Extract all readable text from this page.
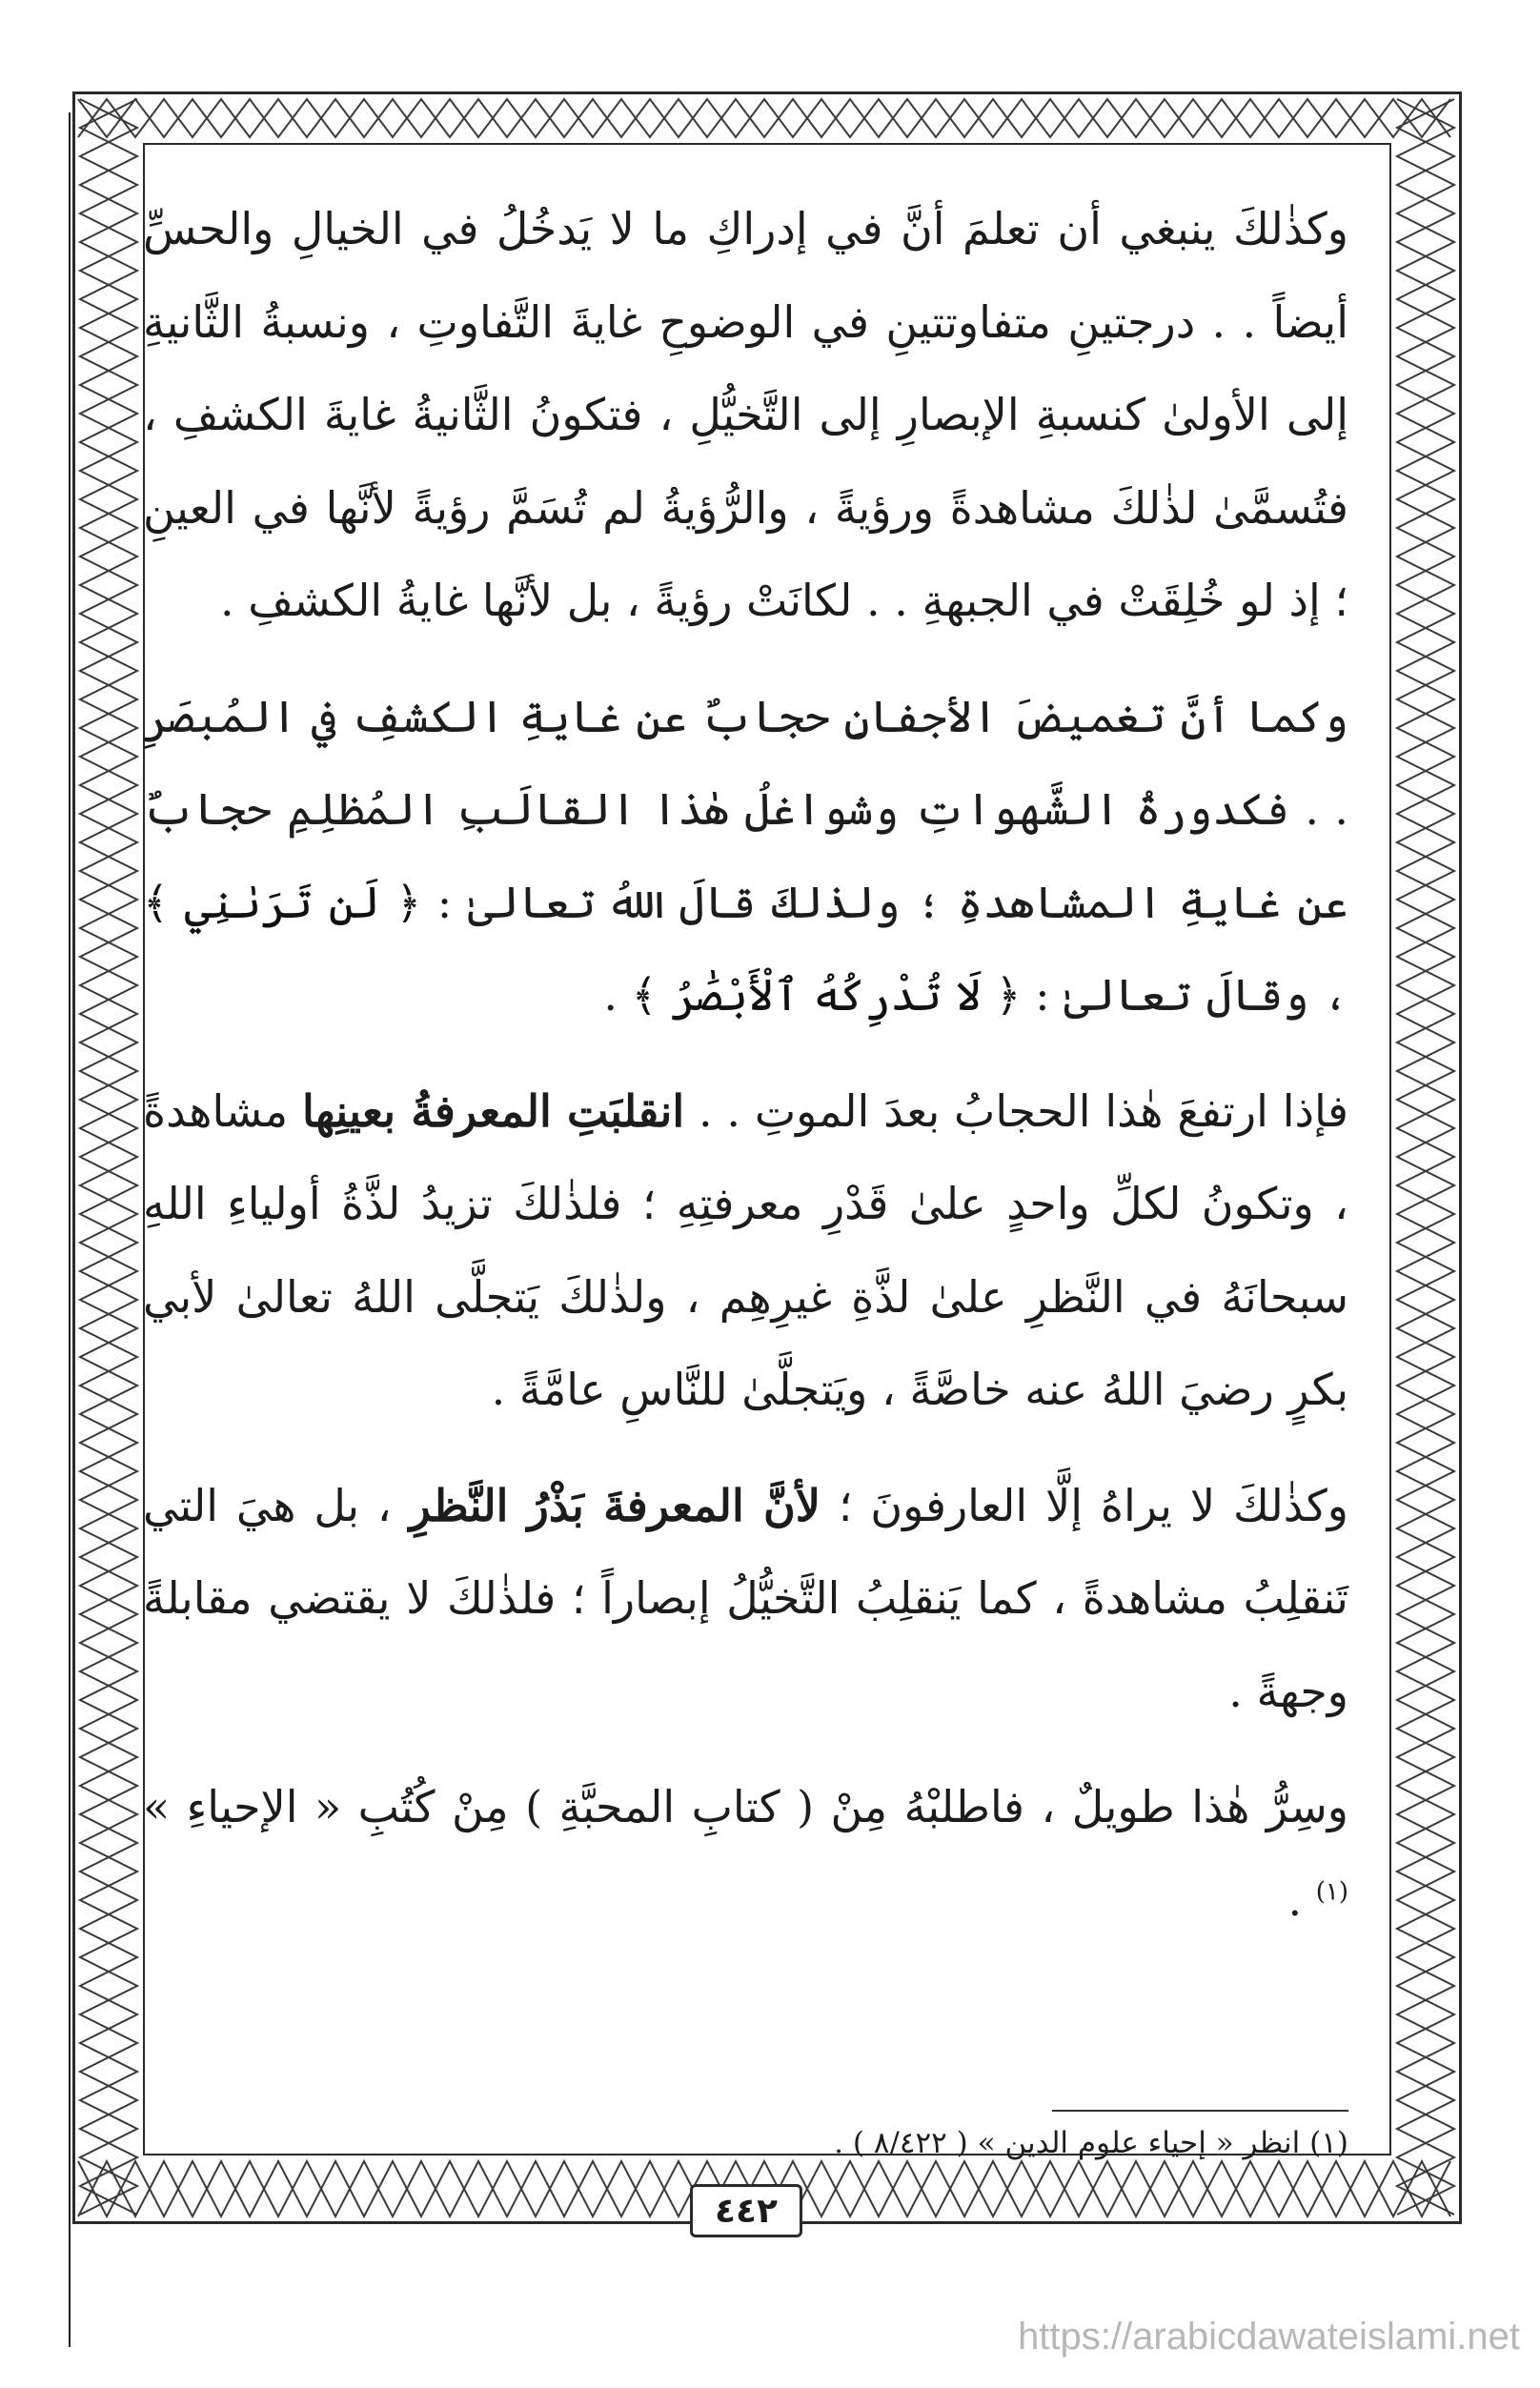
وكذٰلكَ ينبغي أن تعلمَ أنَّ في إدراكِ ما لا يَدخُلُ في الخيالِ والحسِّ أيضاً . . درجتينِ متفاوتتينِ في الوضوحِ غايةَ التَّفاوتِ ، ونسبةُ الثَّانيةِ إلى الأولىٰ كنسبةِ الإبصارِ إلى التَّخيُّلِ ، فتكونُ الثَّانيةُ غايةَ الكشفِ ، فتُسمَّىٰ لذٰلكَ مشاهدةً ورؤيةً ، والرُّؤيةُ لم تُسَمَّ رؤيةً لأنَّها في العينِ ؛ إذ لو خُلِقَتْ في الجبهةِ . . لكانَتْ رؤيةً ، بل لأنَّها غايةُ الكشفِ .

وكما أنَّ تغميضَ الأجفانِ حجابٌ عن غايةِ الكشفِ في المُبصَرِ . . فكدورةُ الشَّهواتِ وشواغلُ هٰذا القالَبِ المُظلِمِ حجابٌ عن غايةِ المشاهدةِ ؛ ولذٰلكَ قالَ اللهُ تعالىٰ : ﴿ لَن تَرَىٰنِي ﴾ ، وقالَ تعالىٰ : ﴿ لَا تُدْرِكُهُ ٱلْأَبْصَٰرُ ﴾ .

فإذا ارتفعَ هٰذا الحجابُ بعدَ الموتِ . . انقلبَتِ المعرفةُ بعينِها مشاهدةً ، وتكونُ لكلِّ واحدٍ علىٰ قَدْرِ معرفتِهِ ؛ فلذٰلكَ تزيدُ لذَّةُ أولياءِ اللهِ سبحانَهُ في النَّظرِ علىٰ لذَّةِ غيرِهِم ، ولذٰلكَ يَتجلَّى اللهُ تعالىٰ لأبي بكرٍ رضيَ اللهُ عنه خاصَّةً ، ويَتجلَّىٰ للنَّاسِ عامَّةً .

وكذٰلكَ لا يراهُ إلَّا العارفونَ ؛ لأنَّ المعرفةَ بَذْرُ النَّظرِ ، بل هيَ التي تَنقلِبُ مشاهدةً ، كما يَنقلِبُ التَّخيُّلُ إبصاراً ؛ فلذٰلكَ لا يقتضي مقابلةً وجهةً .

وسِرُّ هٰذا طويلٌ ، فاطلبْهُ مِنْ ( كتابِ المحبَّةِ ) مِنْ كُتُبِ « الإحياءِ » $^{(١)}$ .

(١) انظر « إحياء علوم الدين » ( ٨/٤٢٢ ) .
٤٤٢
https://arabicdawateislami.net
